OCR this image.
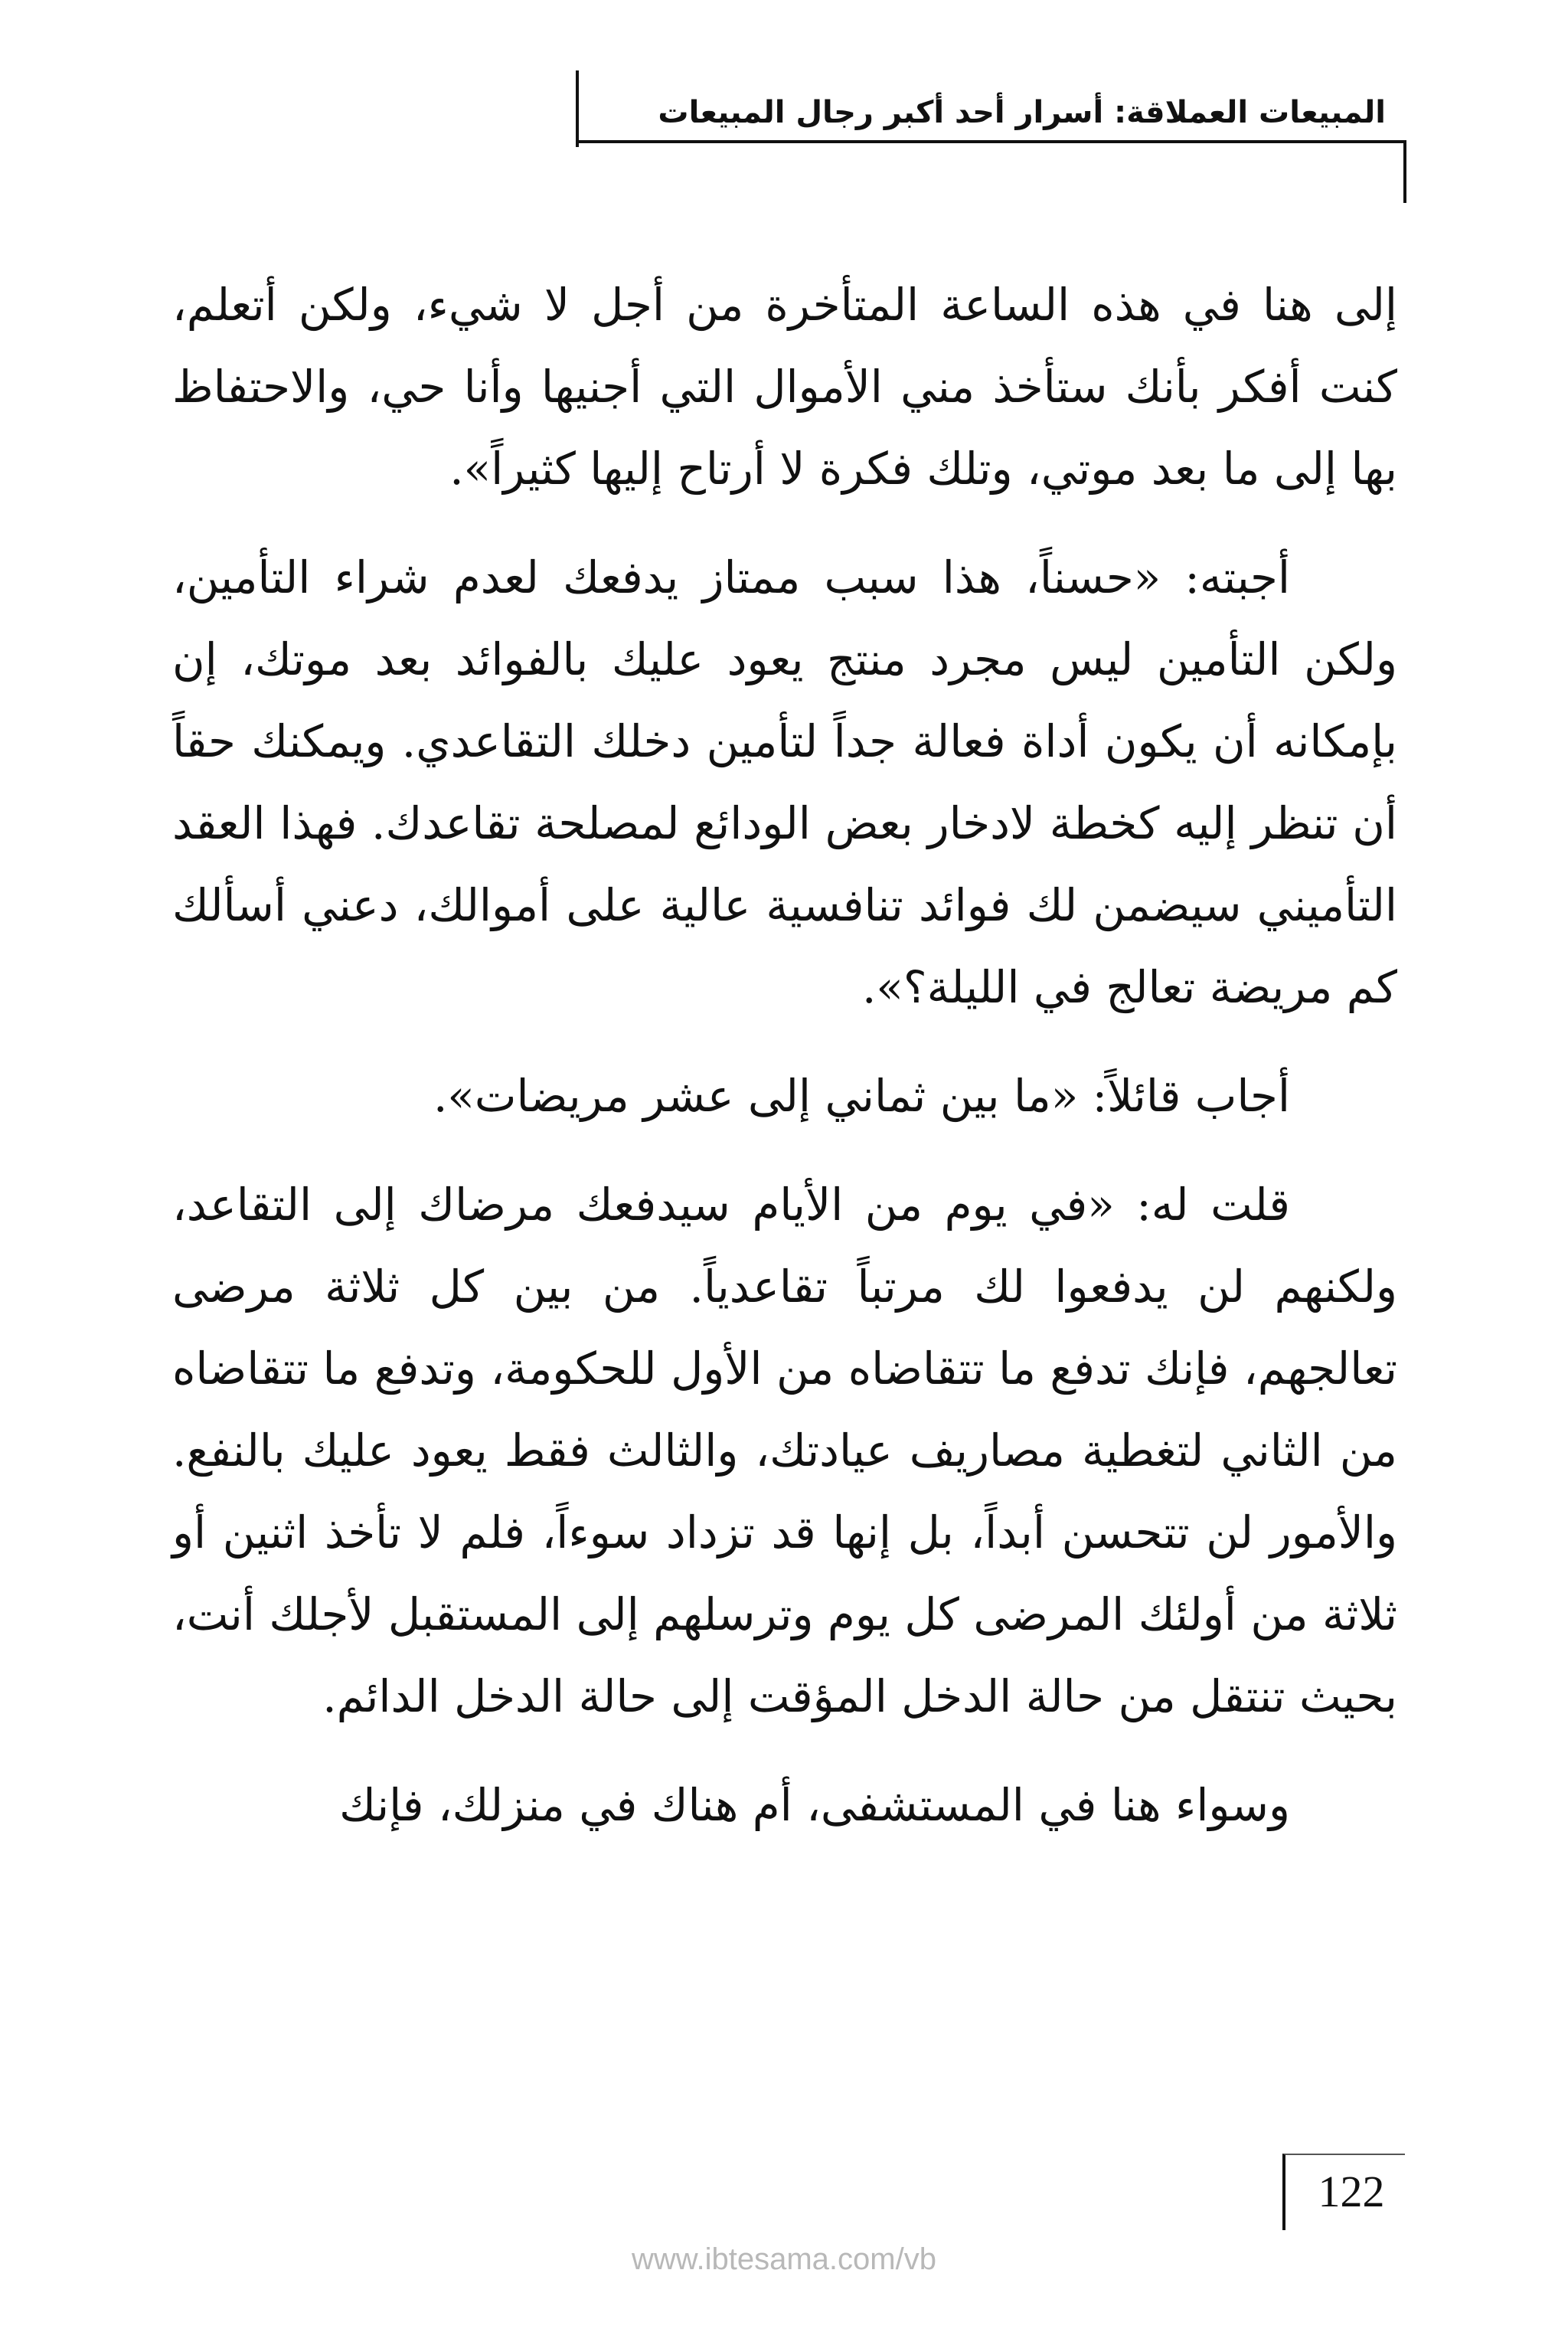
المبيعات العملاقة: أسرار أحد أكبر رجال المبيعات

إلى هنا في هذه الساعة المتأخرة من أجل لا شيء، ولكن أتعلم، كنت أفكر بأنك ستأخذ مني الأموال التي أجنيها وأنا حي، والاحتفاظ بها إلى ما بعد موتي، وتلك فكرة لا أرتاح إليها كثيراً».

أجبته: «حسناً، هذا سبب ممتاز يدفعك لعدم شراء التأمين، ولكن التأمين ليس مجرد منتج يعود عليك بالفوائد بعد موتك، إن بإمكانه أن يكون أداة فعالة جداً لتأمين دخلك التقاعدي. ويمكنك حقاً أن تنظر إليه كخطة لادخار بعض الودائع لمصلحة تقاعدك. فهذا العقد التأميني سيضمن لك فوائد تنافسية عالية على أموالك، دعني أسألك كم مريضة تعالج في الليلة؟».

أجاب قائلاً: «ما بين ثماني إلى عشر مريضات».

قلت له: «في يوم من الأيام سيدفعك مرضاك إلى التقاعد، ولكنهم لن يدفعوا لك مرتباً تقاعدياً. من بين كل ثلاثة مرضى تعالجهم، فإنك تدفع ما تتقاضاه من الأول للحكومة، وتدفع ما تتقاضاه من الثاني لتغطية مصاريف عيادتك، والثالث فقط يعود عليك بالنفع. والأمور لن تتحسن أبداً، بل إنها قد تزداد سوءاً، فلم لا تأخذ اثنين أو ثلاثة من أولئك المرضى كل يوم وترسلهم إلى المستقبل لأجلك أنت، بحيث تنتقل من حالة الدخل المؤقت إلى حالة الدخل الدائم.

وسواء هنا في المستشفى، أم هناك في منزلك، فإنك

122
www.ibtesama.com/vb
